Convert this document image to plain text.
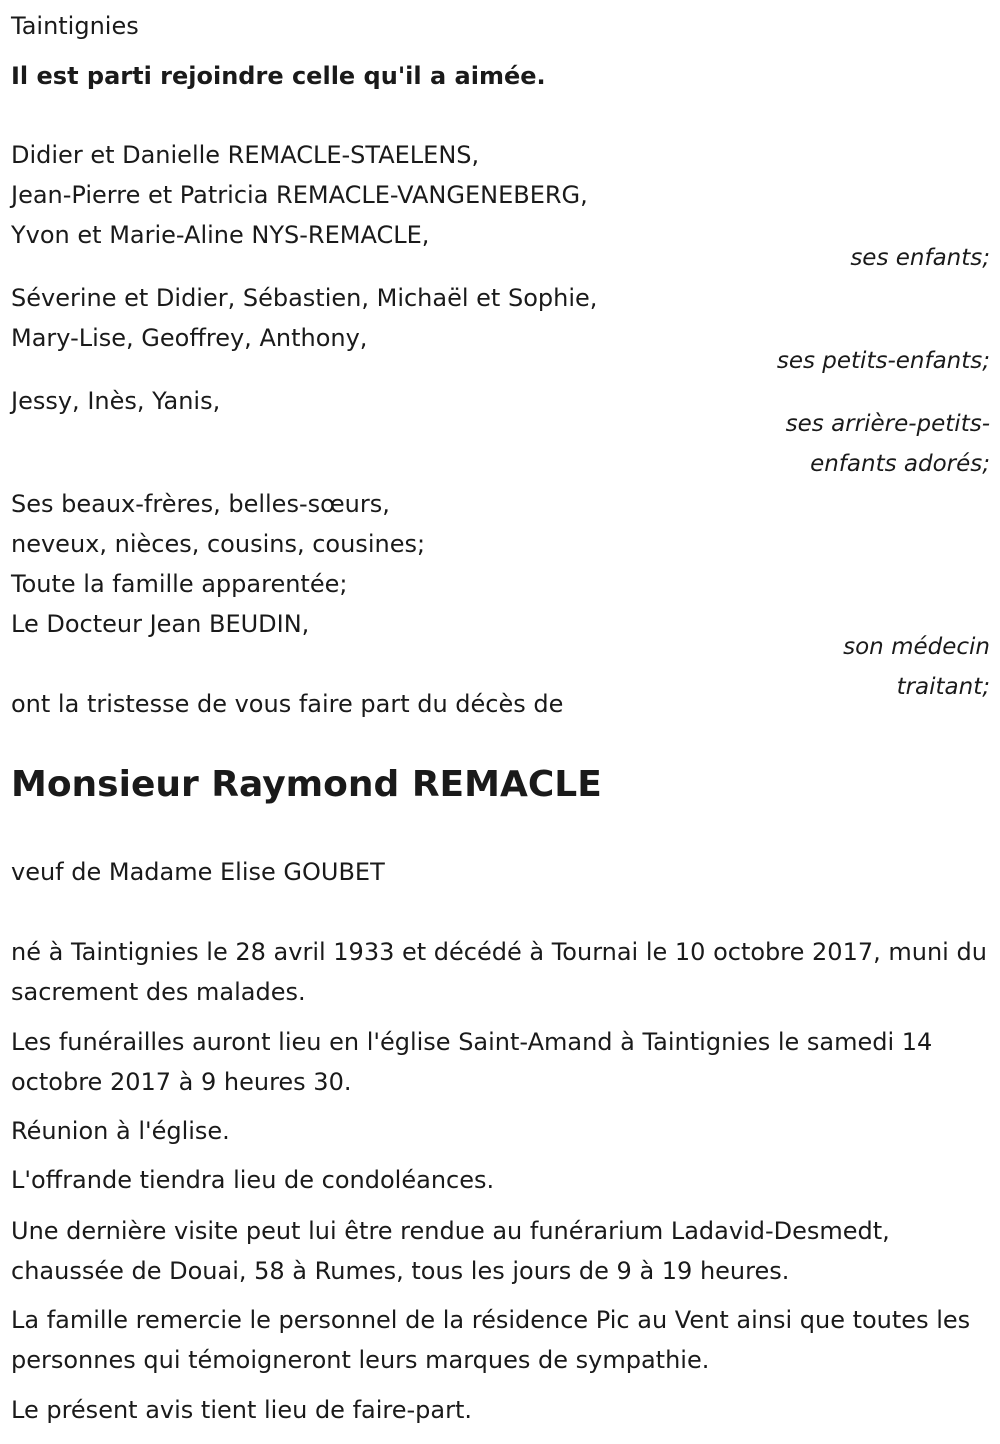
Taintignies

Il est parti rejoindre celle qu'il a aimée.

Didier et Danielle REMACLE-STAELENS,

Jean-Pierre et Patricia REMACLE-VANGENEBERG,

Yvon et Marie-Aline NYS-REMACLE,

ses enfants;

Séverine et Didier, Sébastien, Michaël et Sophie,

Mary-Lise, Geoffrey, Anthony,

ses petits-enfants;

Jessy, Inès, Yanis,

ses arrière-petits-

enfants adorés;

Ses beaux-frères, belles-sœurs,

neveux, nièces, cousins, cousines;

Toute la famille apparentée;

Le Docteur Jean BEUDIN,

son médecin

traitant;

ont la tristesse de vous faire part du décès de

Monsieur Raymond REMACLE

veuf de Madame Elise GOUBET

né à Taintignies le 28 avril 1933 et décédé à Tournai le 10 octobre 2017, muni du sacrement des malades.

Les funérailles auront lieu en l'église Saint-Amand à Taintignies le samedi 14 octobre 2017 à 9 heures 30.

Réunion à l'église.

L'offrande tiendra lieu de condoléances.

Une dernière visite peut lui être rendue au funérarium Ladavid-Desmedt, chaussée de Douai, 58 à Rumes, tous les jours de 9 à 19 heures.

La famille remercie le personnel de la résidence Pic au Vent ainsi que toutes les personnes qui témoigneront leurs marques de sympathie.

Le présent avis tient lieu de faire-part.
